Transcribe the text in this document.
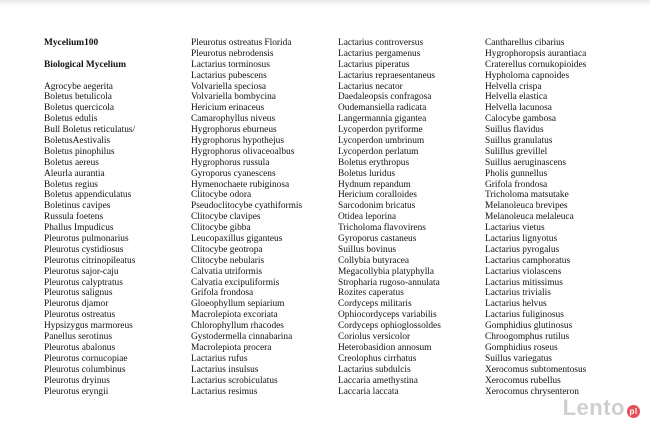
Mycelium100
Biological Mycelium
Agrocybe aegerita
Boletus betulicola
Boletus quercicola
Boletus edulis
Bull Boletus reticulatus/
BoletusAestivalis
Boletus pinophilus
Boletus aereus
Aleurla aurantia
Boletus regius
Boletus appendiculatus
Boletinus cavipes
Russula foetens
Phallus Impudicus
Pleurotus pulmonarius
Pleurotus cystidiosus
Pleurotus citrinopileatus
Pleurotus sajor-caju
Pleurotus calyptratus
Pleurotus salignus
Pleurotus djamor
Pleurotus ostreatus
Hypsizygus marmoreus
Panellus serotinus
Pleurotus abalonus
Pleurotus cornucopiae
Pleurotus columbinus
Pleurotus dryinus
Pleurotus eryngii
Pleurotus ostreatus Florida
Pleurotus nebrodensis
Lactarius torminosus
Lactarius pubescens
Volvariella speciosa
Volvariella bombycina
Hericium erinaceus
Camarophyllus niveus
Hygrophorus eburneus
Hygrophorus hypothejus
Hygrophorus olivaceoalbus
Hygrophorus russula
Gyroporus cyanescens
Hymenochaete rubiginosa
Clitocybe odora
Pseudoclitocybe cyathiformis
Clitocybe clavipes
Clitocybe gibba
Leucopaxillus giganteus
Clitocybe geotropa
Clitocybe nebularis
Calvatia utriformis
Calvatia excipuliformis
Grifola frondosa
Gloeophyllum sepiarium
Macrolepiota excoriata
Chlorophyllum rhacodes
Gystodermella cinnabarina
Macrolepiota procera
Lactarius rufus
Lactarius insulsus
Lactarius scrobiculatus
Lactarius resimus
Lactarius controversus
Lactarius pergamenus
Lactarius piperatus
Lactarius repraesentaneus
Lactarius necator
Daedaleopsis confragosa
Oudemansiella radicata
Langermannia gigantea
Lycoperdon pyriforme
Lycoperdon umbrinum
Lycoperdon perlatum
Boletus erythropus
Boletus luridus
Hydnum repandum
Hericium coralloides
Sarcodonim bricatus
Otidea leporina
Tricholoma flavovirens
Gyroporus castaneus
Suillus bovinus
Collybia butyracea
Megacollybia platyphylla
Stropharia rugoso-annulata
Rozites caperatus
Cordyceps militaris
Ophiocordyceps variabilis
Cordyceps ophioglossoldes
Coriolus versicolor
Heterobasidion annosum
Creolophus cirrhatus
Lactarius subdulcis
Laccaria amethystina
Laccaria laccata
Cantharellus cibarius
Hygrophoropsis aurantiaca
Craterellus cornukopioides
Hypholoma capnoides
Helvella crispa
Helvella elastica
Helvella lacunosa
Calocybe gambosa
Suillus flavidus
Suillus granulatus
Sulillus grevillel
Suillus aeruginascens
Pholis gunnellus
Grifola frondosa
Tricholoma matsutake
Melanoleuca brevipes
Melanoleuca melaleuca
Lactarius vietus
Lactarius lignyotus
Lactarius pyrogalus
Lactarius camphoratus
Lactarius violascens
Lactarius mitissimus
Lactarius trivialis
Lactarius helvus
Lactarius fuliginosus
Gomphidius glutinosus
Chroogomphus rutilus
Gomphidius roseus
Suillus variegatus
Xerocomus subtomentosus
Xerocomus rubellus
Xerocomus chrysenteron
Lento pl
